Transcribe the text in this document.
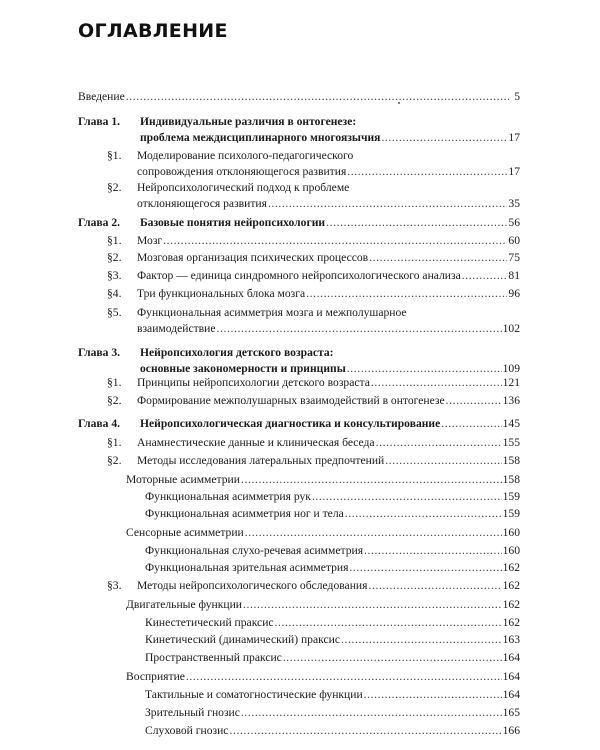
ОГЛАВЛЕНИЕ
Введение .....	5
Глава 1.	Индивидуальные различия в онтогенезе:
проблема междисциплинарного многоязычия .....	17
§1.	Моделирование психолого-педагогического
сопровождения отклоняющегося развития .....	17
§2.	Нейропсихологический подход к проблеме
отклоняющегося развития .....	35
Глава 2.	Базовые понятия нейропсихологии .....	56
§1.	Мозг .....	60
§2.	Мозговая организация психических процессов .....	75
§3.	Фактор — единица синдромного нейропсихологического анализа .....	81
§4.	Три функциональных блока мозга .....	96
§5.	Функциональная асимметрия мозга и межполушарное
взаимодействие .....	102
Глава 3.	Нейропсихология детского возраста:
основные закономерности и принципы .....	109
§1.	Принципы нейропсихологии детского возраста .....	121
§2.	Формирование межполушарных взаимодействий в онтогенезе .....	136
Глава 4.	Нейропсихологическая диагностика и консультирование .....	145
§1.	Анамнестические данные и клиническая беседа .....	155
§2.	Методы исследования латеральных предпочтений .....	158
Моторные асимметрии .....	158
Функциональная асимметрия рук .....	159
Функциональная асимметрия ног и тела .....	159
Сенсорные асимметрии .....	160
Функциональная слухо-речевая асимметрия .....	160
Функциональная зрительная асимметрия .....	162
§3.	Методы нейропсихологического обследования .....	162
Двигательные функции .....	162
Кинестетический праксис .....	162
Кинетический (динамический) праксис .....	163
Пространственный праксис .....	164
Восприятие .....	164
Тактильные и соматогностические функции .....	164
Зрительный гнозис .....	165
Слуховой гнозис .....	166
